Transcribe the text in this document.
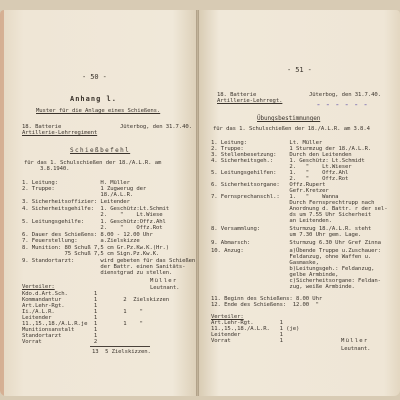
- 50 -
Anhang l.
Muster für die Anlage eines Schießens.
18. Batterie	Jüterbog, den 31.7.40.
Artillerie-Lehrregiment
Schießbefehl
für das 1. Schulschießen der 18./A.L.R. am
3.8.1940.
1. Leitung:             H. Müller
2. Truppe:              1 Zugwerug der
18./A.L.R.
3. Sicherheitsoffizier: Leitender
4. Sicherheitsgehilfe:  1. Geschütz:Lt.Schmit
2.    "    Lt.Wiese
5. Leitungsgehilfe:     1. Geschütz:Offz.Ahl
2.    "    Offz.Rot
6. Dauer des Schießens: 8.00 - 12.00 Uhr
7. Feuerstellung:       a.Zielskizze
8. Munition: 80 Schuß 7,5 cm Gr.Pz.Kw.K.(Hr.)
75 Schuß 7,5 cm Sign.Pz.Kw.K.
9. Standortarzt:        wird gebeten für das Schießen
der Battr. einen Sanitäts-
dienstgrad zu stellen.
Müller
Leutnant.
Verteiler:
Kdo.d.Art.Sch.        1
Kommandantur          1        2  Zielskizzen
Art.Lehr-Rgt.         1
Ii./A.L.R.            1        1    "
Leitender             1
11.,15.,18./A.L.R.je  1        1    "
Munitionsanstalt      1
Standortarzt          1
Vorrat                2
13  5 Zielskizzen.
- 51 -
18. Batterie	Jüterbog, den 31.7.40.
Artillerie-Lehrregt.	- - - - - -
Übungsbestimmungen
für das 1. Schulschießen der 18./A.L.R. am 3.8.4
1. Leitung:             Lt. Müller
2. Truppe:              1 Sturmzug der 18./A.L.R.
3. Stellenbesetzung:    Durch den Leitenden
4. Sicherheitsgeh.:     1. Geschütz: Lt.Schmidt
2.   "    Lt.Wieser
5. Leitungsgehilfen:    1.   "    Offz.Ahl
2.   "    Offz.Rot
6. Sicherheitsorgane:   Offz.Rupert
Gefr.Kretzer
7. Fernsprechanschl.:   1.   "    Wanna
Durch Fernsprechtrupp nach
Anordnung d. Battr. r der sel-
ds um 7.55 Uhr Sicherheit
an Leitenden.
8. Versammlung:         Sturmzug 18./A.L.R. steht
um 7.30 Uhr gem. Lage.
9. Abmarsch:            Sturmzug 6.30 Uhr Gref Zinna
10. Anzug:              a)Übende Truppe u.Zuschauer:
Feldanzug, ohne Waffen u.
Gasmaske,
b)Leitungsgeh.: Feldanzug,
gelbe Armbinde,
c)Sicherheitsorgane: Feldan-
zug, weiße Armbinde.
11. Beginn des Schießens: 8.00 Uhr
12. Ende des Schießens:  12.00  "
Verteiler:
Art.Lehr-Rgt.        1
11.,15.,18./A.L.R.   1 (je)
Leitender            1
Vorrat               1	Müller
Leutnant.
